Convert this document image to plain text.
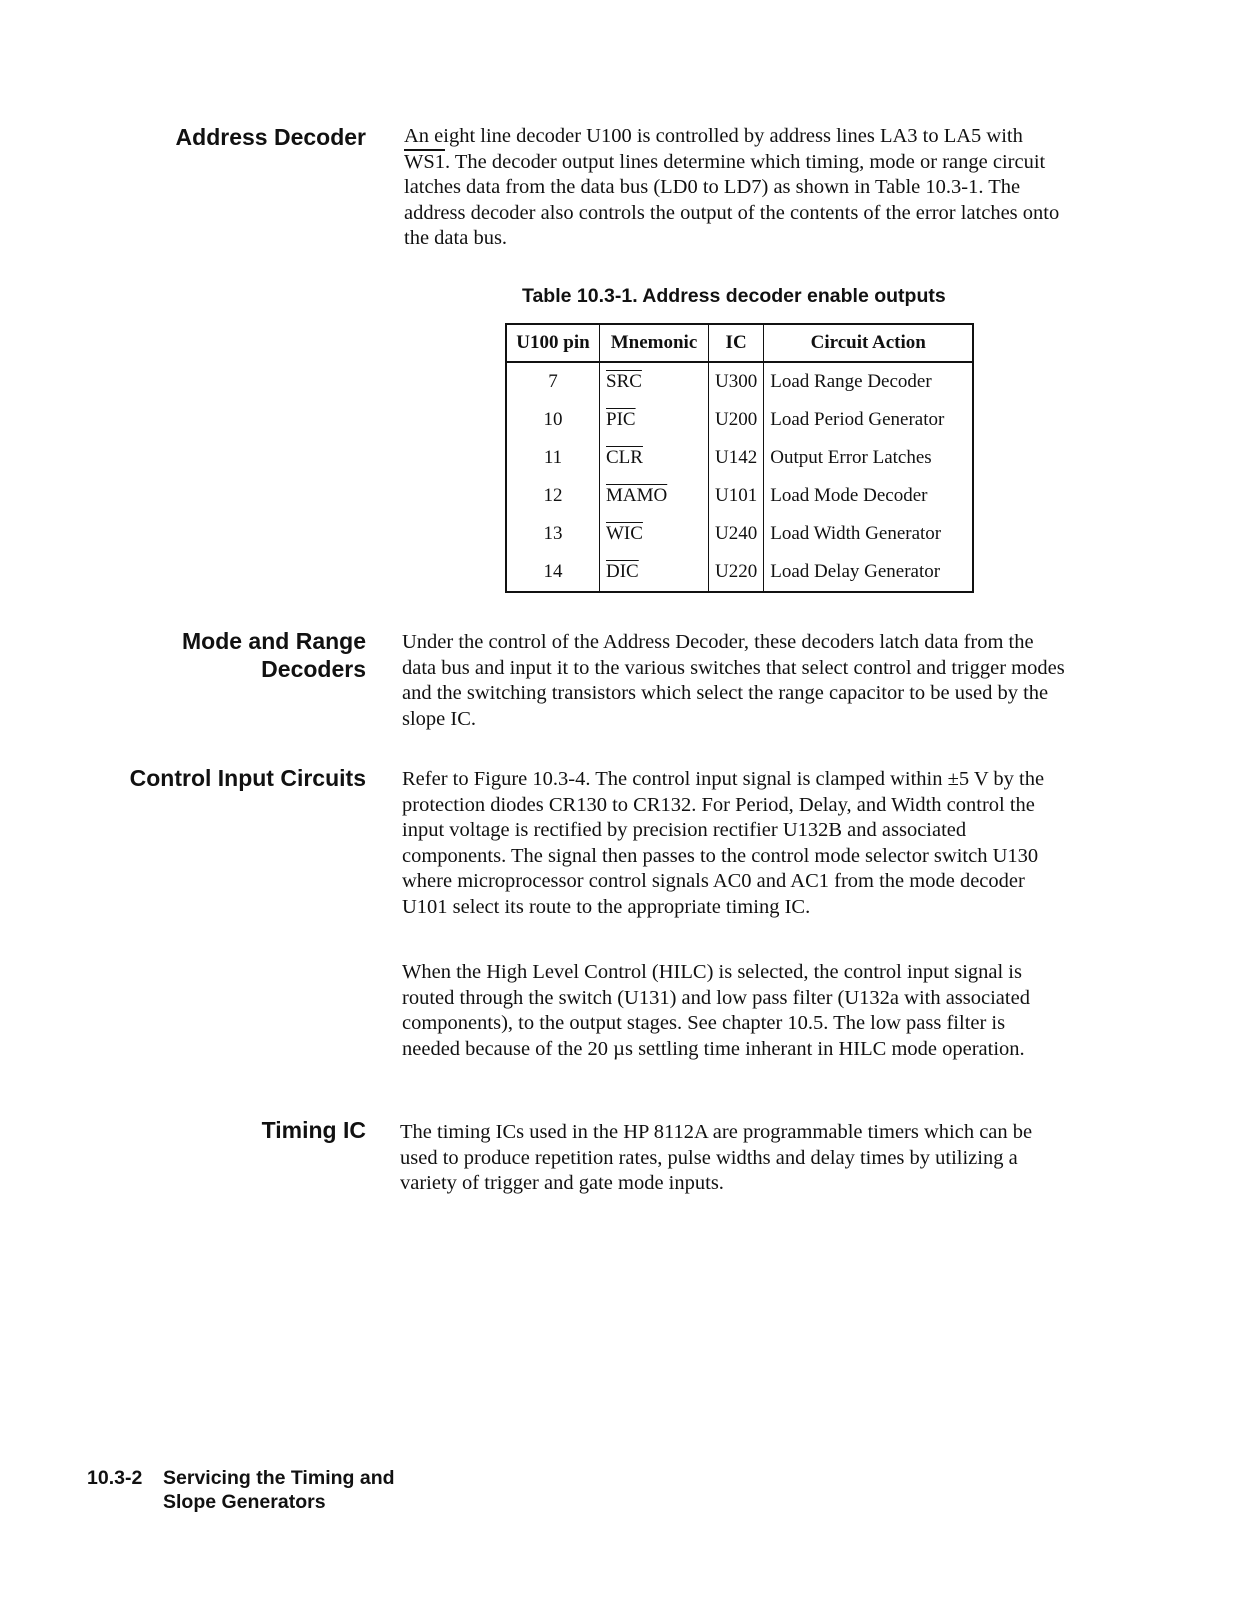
Address Decoder An eight line decoder U100 is controlled by address lines LA3 to LA5 with WS1. The decoder output lines determine which timing, mode or range circuit latches data from the data bus (LD0 to LD7) as shown in Table 10.3-1. The address decoder also controls the output of the contents of the error latches onto the data bus.

Table 10.3-1. Address decoder enable outputs
U100 pin	Mnemonic	IC	Circuit Action
7	$\overline{SRC}$	U300	Load Range Decoder
10	$\overline{PIC}$	U200	Load Period Generator
11	$\overline{CLR}$	U142	Output Error Latches
12	MAMO	U101	Load Mode Decoder
13	$\overline{WIC}$	U240	Load Width Generator
14	$\overline{DIC}$	U220	Load Delay Generator
Mode and Range
Decoders

Under the control of the Address Decoder, these decoders latch data from the data bus and input it to the various switches that select control and trigger modes and the switching transistors which select the range capacitor to be used by the slope IC.

Control Input Circuits Refer to Figure 10.3-4. The control input signal is clamped within ±5 V by the protection diodes CR130 to CR132. For Period, Delay, and Width control the input voltage is rectified by precision rectifier U132B and associated components. The signal then passes to the control mode selector switch U130 where microprocessor control signals AC0 and AC1 from the mode decoder U101 select its route to the appropriate timing IC.

When the High Level Control (HILC) is selected, the control input signal is routed through the switch (U131) and low pass filter (U132a with associated components), to the output stages. See chapter 10.5. The low pass filter is needed because of the 20 µs settling time inherant in HILC mode operation.

Timing IC The timing ICs used in the HP 8112A are programmable timers which can be used to produce repetition rates, pulse widths and delay times by utilizing a variety of trigger and gate mode inputs.

10.3-2 Servicing the Timing and
Slope Generators
